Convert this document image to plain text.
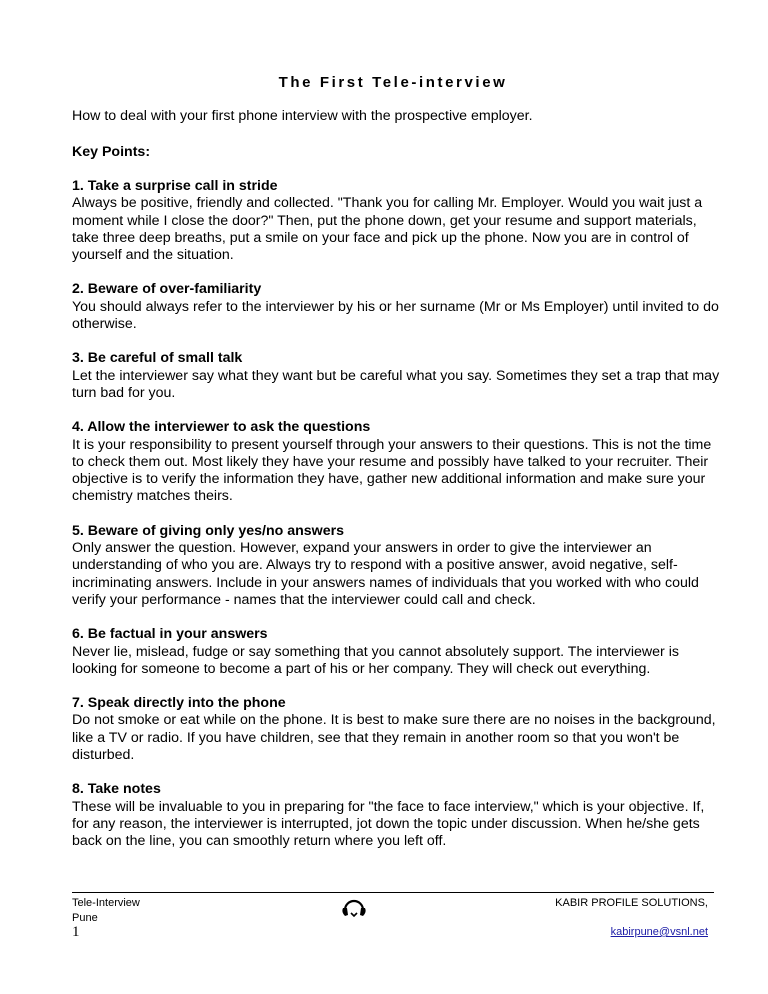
The First Tele-interview
How to deal with your first phone interview with the prospective employer.
Key Points:
1. Take a surprise call in stride
Always be positive, friendly and collected. "Thank you for calling Mr. Employer. Would you wait just a moment while I close the door?" Then, put the phone down, get your resume and support materials, take three deep breaths, put a smile on your face and pick up the phone. Now you are in control of yourself and the situation.
2. Beware of over-familiarity
You should always refer to the interviewer by his or her surname (Mr or Ms Employer) until invited to do otherwise.
3. Be careful of small talk
Let the interviewer say what they want but be careful what you say. Sometimes they set a trap that may turn bad for you.
4. Allow the interviewer to ask the questions
It is your responsibility to present yourself through your answers to their questions. This is not the time to check them out. Most likely they have your resume and possibly have talked to your recruiter. Their objective is to verify the information they have, gather new additional information and make sure your chemistry matches theirs.
5. Beware of giving only yes/no answers
Only answer the question. However, expand your answers in order to give the interviewer an understanding of who you are. Always try to respond with a positive answer, avoid negative, self-incriminating answers. Include in your answers names of individuals that you worked with who could verify your performance - names that the interviewer could call and check.
6. Be factual in your answers
Never lie, mislead, fudge or say something that you cannot absolutely support. The interviewer is looking for someone to become a part of his or her company. They will check out everything.
7. Speak directly into the phone
Do not smoke or eat while on the phone. It is best to make sure there are no noises in the background, like a TV or radio. If you have children, see that they remain in another room so that you won't be disturbed.
8. Take notes
These will be invaluable to you in preparing for "the face to face interview," which is your objective. If, for any reason, the interviewer is interrupted, jot down the topic under discussion. When he/she gets back on the line, you can smoothly return where you left off.
Tele-Interview
Pune
KABIR PROFILE SOLUTIONS,
1	kabirpune@vsnl.net
